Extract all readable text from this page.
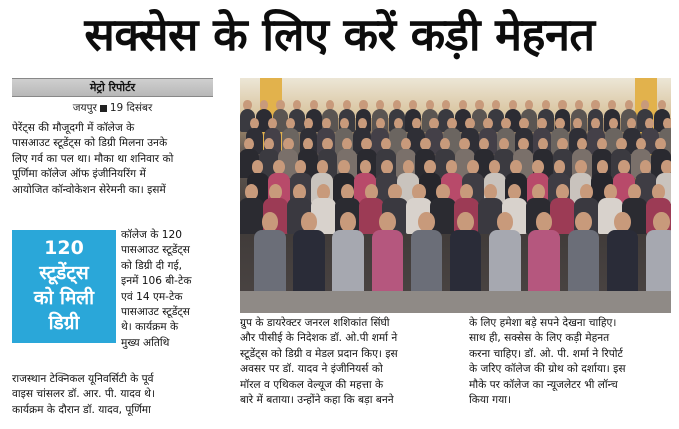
सक्सेस के लिए करें कड़ी मेहनत
मेट्रो रिपोर्टर
जयपुर 19 दिसंबर
पेरेंट्स की मौजूदगी में कॉलेज के
पासआउट स्टूडेंट्स को डिग्री मिलना उनके
लिए गर्व का पल था। मौका था शनिवार को
पूर्णिमा कॉलेज ऑफ इंजीनियरिंग में
आयोजित कॉन्वोकेशन सेरेमनी का। इसमें
120
स्टूडेंट्स
को मिली
डिग्री
कॉलेज के 120
पासआउट स्टूडेंट्स
को डिग्री दी गई,
इनमें 106 बी-टेक
एवं 14 एम-टेक
पासआउट स्टूडेंट्स
थे। कार्यक्रम के
मुख्य अतिथि
राजस्थान टेक्निकल यूनिवर्सिटी के पूर्व
वाइस चांसलर डॉ. आर. पी. यादव थे।
कार्यक्रम के दौरान डॉ. यादव, पूर्णिमा
ग्रुप के डायरेक्टर जनरल शशिकांत सिंघी
और पीसीई के निदेशक डॉ. ओ.पी शर्मा ने
स्टूडेंट्स को डिग्री व मेडल प्रदान किए। इस
अवसर पर डॉ. यादव ने इंजीनियर्स को
मॉरल व एथिकल वेल्यूज की महत्ता के
बारे में बताया। उन्होंने कहा कि बड़ा बनने
के लिए हमेशा बड़े सपने देखना चाहिए।
साथ ही, सक्सेस के लिए कड़ी मेहनत
करना चाहिए। डॉ. ओ. पी. शर्मा ने रिपोर्ट
के जरिए कॉलेज की ग्रोथ को दर्शाया। इस
मौके पर कॉलेज का न्यूजलेटर भी लॉन्च
किया गया।
